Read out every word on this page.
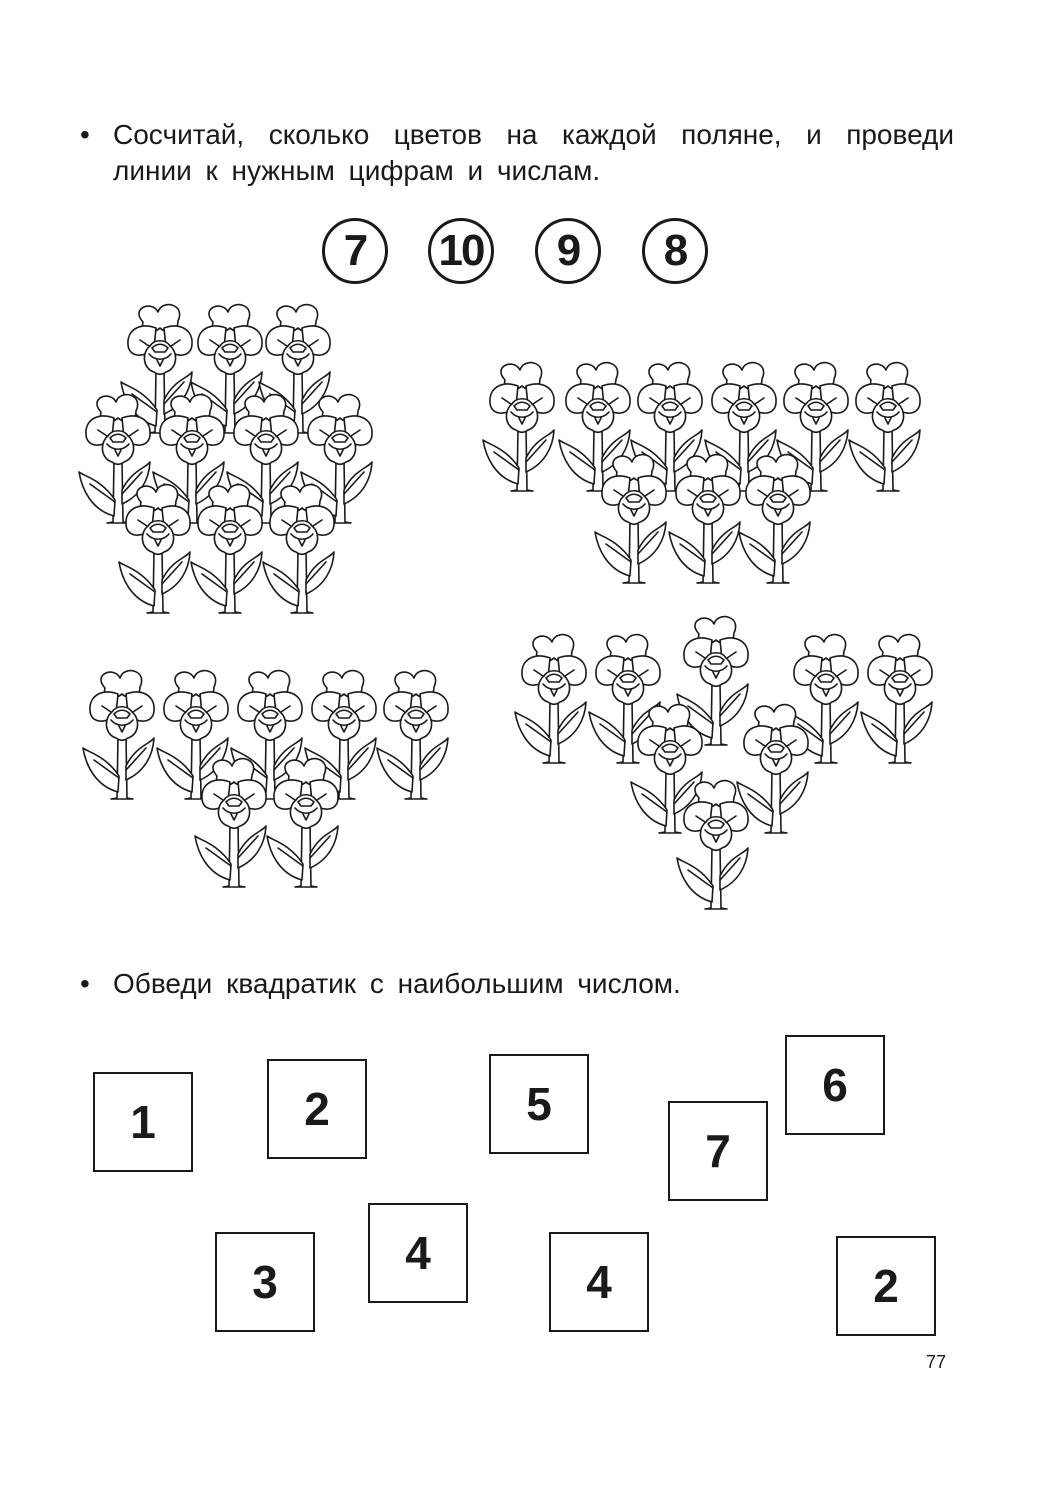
• Сосчитай, сколько цветов на каждой поляне, и проведи
линии к нужным цифрам и числам.
7	10	9	8
• Обведи квадратик с наибольшим числом.
1	2	5
7
6
3
4
4	2
77
